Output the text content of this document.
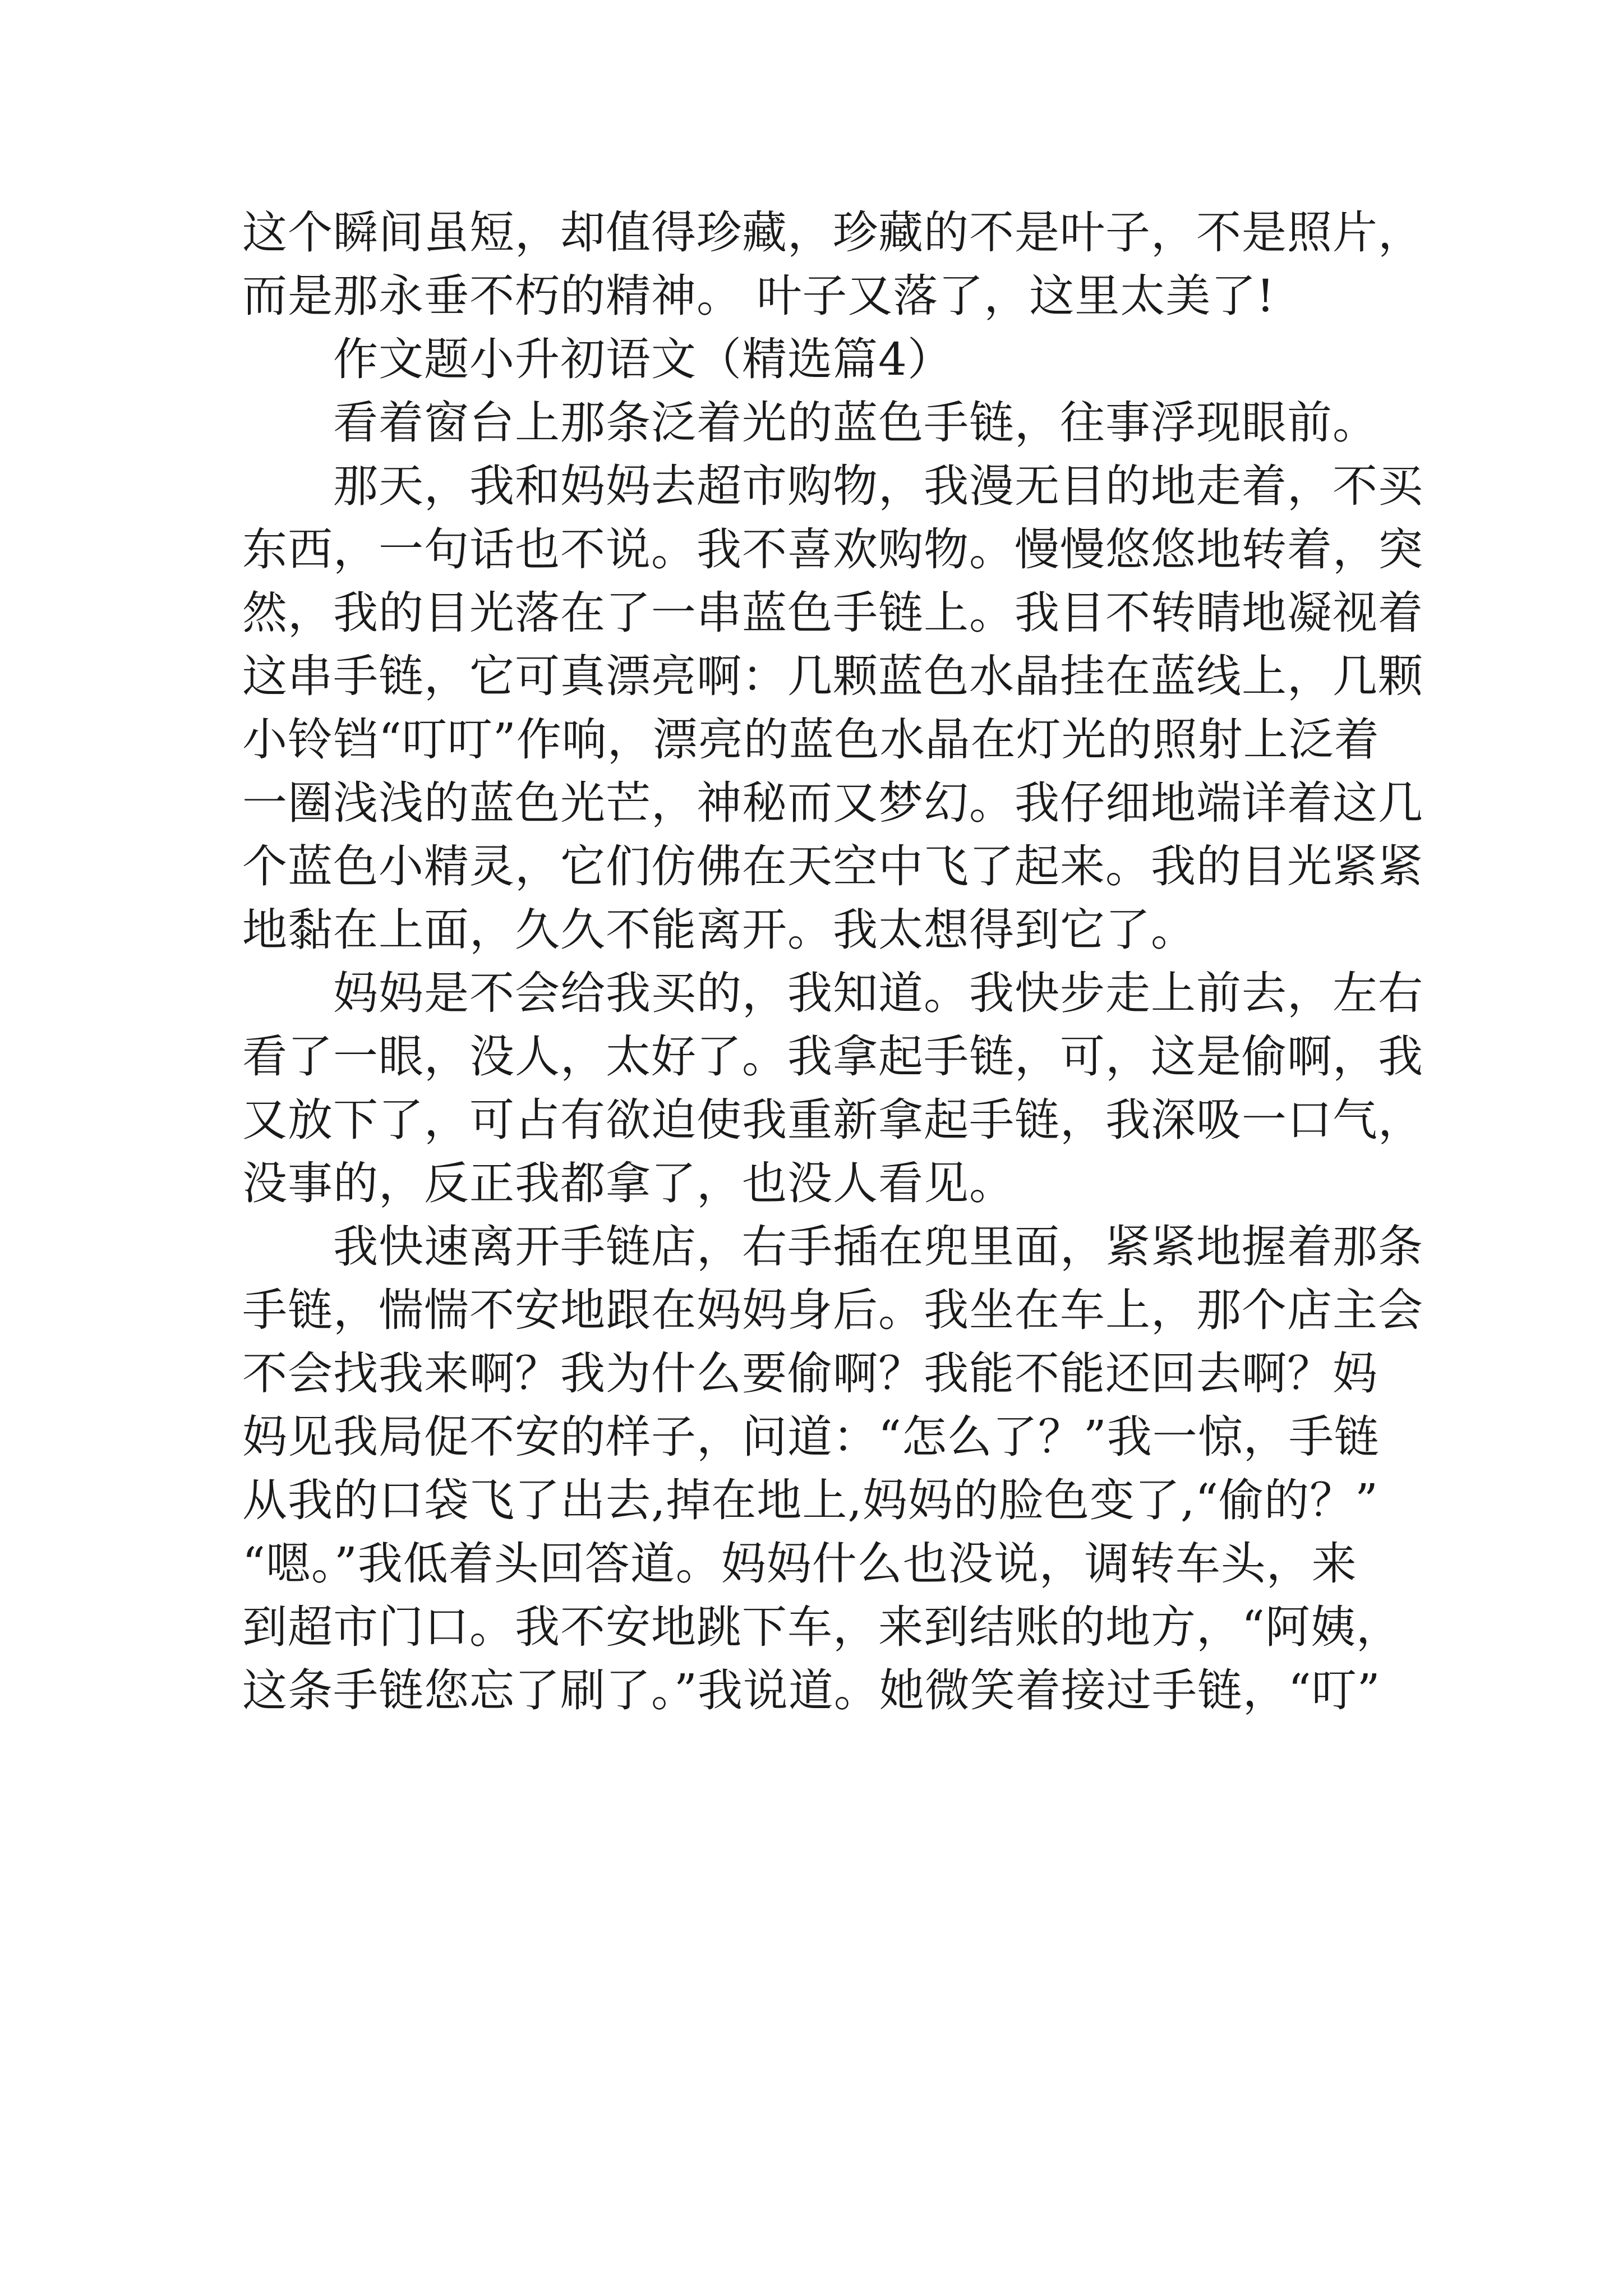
这个瞬间虽短，却值得珍藏，珍藏的不是叶子，不是照片，
而是那永垂不朽的精神。 叶子又落了，这里太美了!
作文题小升初语文（精选篇4）
看着窗台上那条泛着光的蓝色手链，往事浮现眼前。
那天，我和妈妈去超市购物，我漫无目的地走着，不买
东西，一句话也不说。我不喜欢购物。慢慢悠悠地转着，突
然，我的目光落在了一串蓝色手链上。我目不转睛地凝视着
这串手链，它可真漂亮啊：几颗蓝色水晶挂在蓝线上，几颗
小铃铛“叮叮”作响，漂亮的蓝色水晶在灯光的照射上泛着
一圈浅浅的蓝色光芒，神秘而又梦幻。我仔细地端详着这几
个蓝色小精灵，它们仿佛在天空中飞了起来。我的目光紧紧
地黏在上面，久久不能离开。我太想得到它了。
妈妈是不会给我买的，我知道。我快步走上前去，左右
看了一眼，没人，太好了。我拿起手链，可，这是偷啊，我
又放下了，可占有欲迫使我重新拿起手链，我深吸一口气，
没事的，反正我都拿了，也没人看见。
我快速离开手链店，右手插在兜里面，紧紧地握着那条
手链，惴惴不安地跟在妈妈身后。我坐在车上，那个店主会
不会找我来啊？我为什么要偷啊？我能不能还回去啊？妈
妈见我局促不安的样子，问道：“怎么了？”我一惊，手链
从我的口袋飞了出去,掉在地上,妈妈的脸色变了,“偷的？”
“嗯。”我低着头回答道。妈妈什么也没说，调转车头，来
到超市门口。我不安地跳下车，来到结账的地方，“阿姨，
这条手链您忘了刷了。”我说道。她微笑着接过手链，“叮”
